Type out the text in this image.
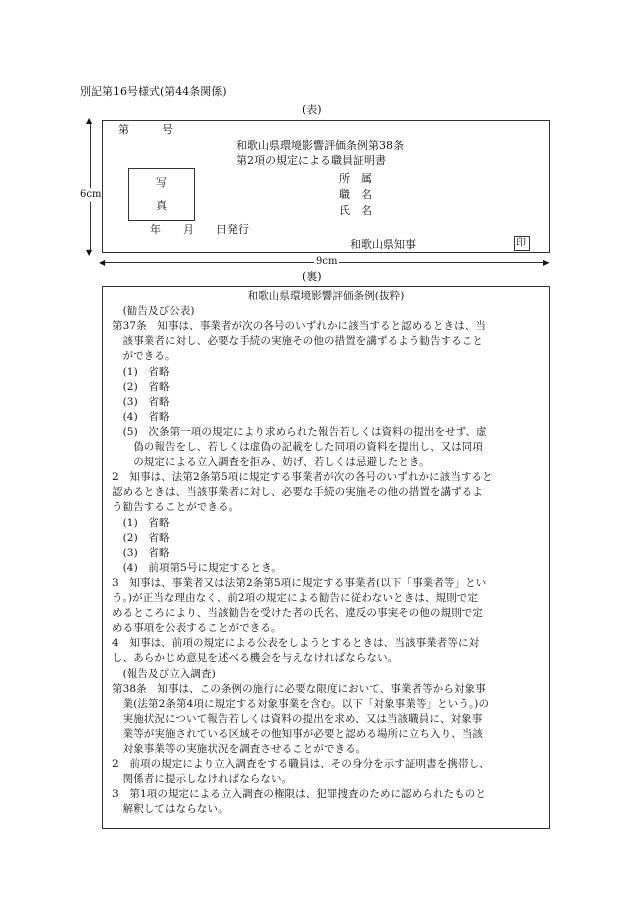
別記第16号様式(第44条関係)
(表)
第　　　号
和歌山県環境影響評価条例第38条
第2項の規定による職員証明書
写
真
所　属
職　名
氏　名
年　　月　　日発行
和歌山県知事	印
▲
▼
6cm
◀	▶
9cm
(裏)
和歌山県環境影響評価条例(抜粋)
　(勧告及び公表)
第37条　知事は、事業者が次の各号のいずれかに該当すると認めるときは、当
　該事業者に対し、必要な手続の実施その他の措置を講ずるよう勧告すること
　ができる。
　(1)　省略
　(2)　省略
　(3)　省略
　(4)　省略
　(5)　次条第一項の規定により求められた報告若しくは資料の提出をせず、虚
　　偽の報告をし、若しくは虚偽の記載をした同項の資料を提出し、又は同項
　　の規定による立入調査を拒み、妨げ、若しくは忌避したとき。
2　知事は、法第2条第5項に規定する事業者が次の各号のいずれかに該当すると
認めるときは、当該事業者に対し、必要な手続の実施その他の措置を講ずるよ
う勧告することができる。
　(1)　省略
　(2)　省略
　(3)　省略
　(4)　前項第5号に規定するとき。
3　知事は、事業者又は法第2条第5項に規定する事業者(以下「事業者等」とい
う。)が正当な理由なく、前2項の規定による勧告に従わないときは、規則で定
めるところにより、当該勧告を受けた者の氏名、違反の事実その他の規則で定
める事項を公表することができる。
4　知事は、前項の規定による公表をしようとするときは、当該事業者等に対
し、あらかじめ意見を述べる機会を与えなければならない。
　(報告及び立入調査)
第38条　知事は、この条例の施行に必要な限度において、事業者等から対象事
　業(法第2条第4項に規定する対象事業を含む。以下「対象事業等」という。)の
　実施状況について報告若しくは資料の提出を求め、又は当該職員に、対象事
　業等が実施されている区域その他知事が必要と認める場所に立ち入り、当該
　対象事業等の実施状況を調査させることができる。
2　前項の規定により立入調査をする職員は、その身分を示す証明書を携帯し、
　関係者に提示しなければならない。
3　第1項の規定による立入調査の権限は、犯罪捜査のために認められたものと
　解釈してはならない。
